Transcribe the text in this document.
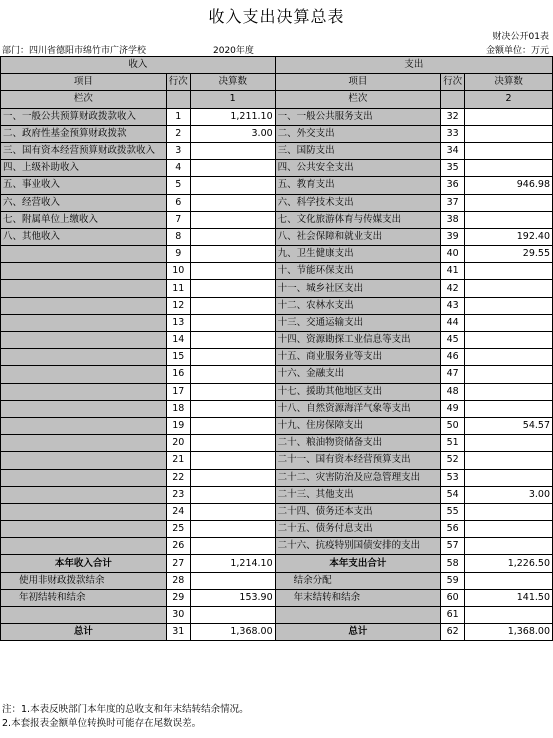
收入支出决算总表
财决公开01表
部门：四川省德阳市绵竹市广济学校	2020年度	金额单位：万元
收入			支出		
项目	行次	决算数	项目	行次	决算数
栏次		1	栏次		2
一、一般公共预算财政拨款收入	1	1,211.10	一、一般公共服务支出	32	
二、政府性基金预算财政拨款	2	3.00	二、外交支出	33	
三、国有资本经营预算财政拨款收入	3		三、国防支出	34	
四、上级补助收入	4		四、公共安全支出	35	
五、事业收入	5		五、教育支出	36	946.98
六、经营收入	6		六、科学技术支出	37	
七、附属单位上缴收入	7		七、文化旅游体育与传媒支出	38	
八、其他收入	8		八、社会保障和就业支出	39	192.40
	9		九、卫生健康支出	40	29.55
	10		十、节能环保支出	41	
	11		十一、城乡社区支出	42	
	12		十二、农林水支出	43	
	13		十三、交通运输支出	44	
	14		十四、资源勘探工业信息等支出	45	
	15		十五、商业服务业等支出	46	
	16		十六、金融支出	47	
	17		十七、援助其他地区支出	48	
	18		十八、自然资源海洋气象等支出	49	
	19		十九、住房保障支出	50	54.57
	20		二十、粮油物资储备支出	51	
	21		二十一、国有资本经营预算支出	52	
	22		二十二、灾害防治及应急管理支出	53	
	23		二十三、其他支出	54	3.00
	24		二十四、债务还本支出	55	
	25		二十五、债务付息支出	56	
	26		二十六、抗疫特别国债安排的支出	57	
本年收入合计	27	1,214.10	本年支出合计	58	1,226.50
使用非财政拨款结余	28		结余分配	59	
年初结转和结余	29	153.90	年末结转和结余	60	141.50
	30			61	
总计	31	1,368.00	总计	62	1,368.00
注：1.本表反映部门本年度的总收支和年末结转结余情况。
2.本套报表金额单位转换时可能存在尾数误差。
